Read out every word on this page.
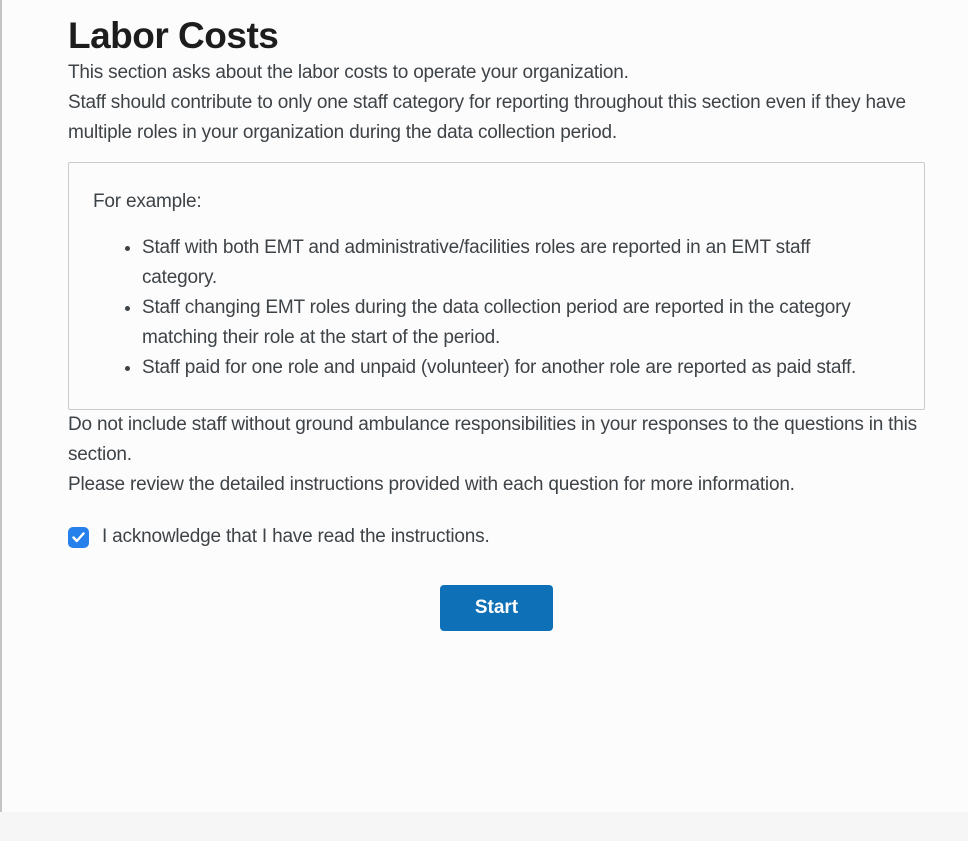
Labor Costs

This section asks about the labor costs to operate your organization.

Staff should contribute to only one staff category for reporting throughout this section even if they have multiple roles in your organization during the data collection period.

For example:

• Staff with both EMT and administrative/facilities roles are reported in an EMT staff category.
• Staff changing EMT roles during the data collection period are reported in the category matching their role at the start of the period.
• Staff paid for one role and unpaid (volunteer) for another role are reported as paid staff.

Do not include staff without ground ambulance responsibilities in your responses to the questions in this section.

Please review the detailed instructions provided with each question for more information.

I acknowledge that I have read the instructions.
Start
